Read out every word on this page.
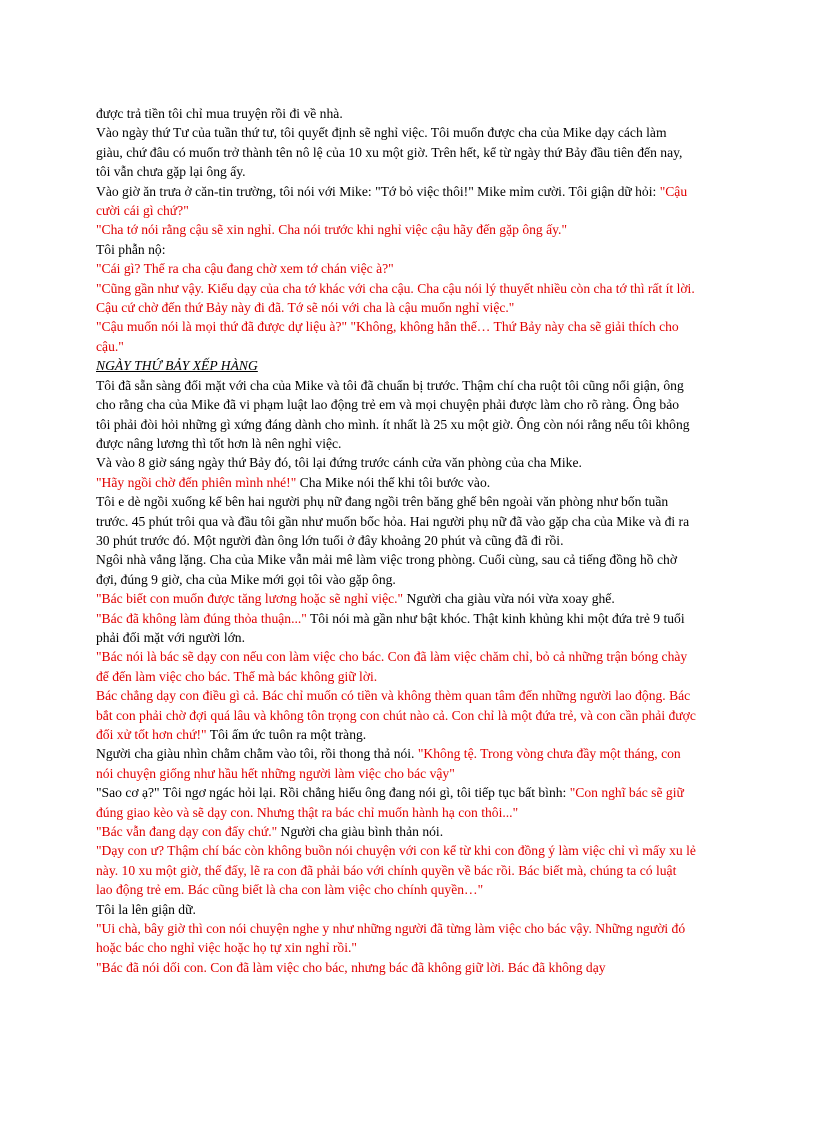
được trả tiền tôi chỉ mua truyện rồi đi về nhà.
Vào ngày thứ Tư của tuần thứ tư, tôi quyết định sẽ nghỉ việc. Tôi muốn được cha của Mike dạy cách làm giàu, chứ đâu có muốn trở thành tên nô lệ của 10 xu một giờ. Trên hết, kể từ ngày thứ Bảy đầu tiên đến nay, tôi vẫn chưa gặp lại ông ấy.
Vào giờ ăn trưa ở căn-tin trường, tôi nói với Mike: "Tớ bỏ việc thôi!" Mike mỉm cười. Tôi giận dữ hỏi: "Cậu cười cái gì chứ?"
"Cha tớ nói rằng cậu sẽ xin nghỉ. Cha nói trước khi nghỉ việc cậu hãy đến gặp ông ấy."
Tôi phẫn nộ:
"Cái gì? Thế ra cha cậu đang chờ xem tớ chán việc à?"
"Cũng gần như vậy. Kiểu dạy của cha tớ khác với cha cậu. Cha cậu nói lý thuyết nhiều còn cha tớ thì rất ít lời. Cậu cứ chờ đến thứ Bảy này đi đã. Tớ sẽ nói với cha là cậu muốn nghỉ việc."
"Cậu muốn nói là mọi thứ đã được dự liệu à?" "Không, không hẳn thế… Thứ Bảy này cha sẽ giải thích cho cậu."
NGÀY THỨ BẢY XẾP HÀNG
Tôi đã sẵn sàng đối mặt với cha của Mike và tôi đã chuẩn bị trước. Thậm chí cha ruột tôi cũng nổi giận, ông cho rằng cha của Mike đã vi phạm luật lao động trẻ em và mọi chuyện phải được làm cho rõ ràng. Ông bảo tôi phải đòi hỏi những gì xứng đáng dành cho mình. ít nhất là 25 xu một giờ. Ông còn nói rằng nếu tôi không được nâng lương thì tốt hơn là nên nghỉ việc.
Và vào 8 giờ sáng ngày thứ Bảy đó, tôi lại đứng trước cánh cửa văn phòng của cha Mike.
"Hãy ngồi chờ đến phiên mình nhé!" Cha Mike nói thế khi tôi bước vào.
Tôi e dè ngồi xuống kế bên hai người phụ nữ đang ngồi trên băng ghế bên ngoài văn phòng như bốn tuần trước. 45 phút trôi qua và đầu tôi gần như muốn bốc hỏa. Hai người phụ nữ đã vào gặp cha của Mike và đi ra 30 phút trước đó. Một người đàn ông lớn tuổi ở đây khoảng 20 phút và cũng đã đi rồi.
Ngôi nhà vắng lặng. Cha của Mike vẫn mải mê làm việc trong phòng. Cuối cùng, sau cả tiếng đồng hồ chờ đợi, đúng 9 giờ, cha của Mike mới gọi tôi vào gặp ông.
"Bác biết con muốn được tăng lương hoặc sẽ nghỉ việc." Người cha giàu vừa nói vừa xoay ghế.
"Bác đã không làm đúng thỏa thuận..." Tôi nói mà gần như bật khóc. Thật kinh khủng khi một đứa trẻ 9 tuổi phải đối mặt với người lớn.
"Bác nói là bác sẽ dạy con nếu con làm việc cho bác. Con đã làm việc chăm chỉ, bỏ cả những trận bóng chày để đến làm việc cho bác. Thế mà bác không giữ lời.
Bác chẳng dạy con điều gì cả. Bác chỉ muốn có tiền và không thèm quan tâm đến những người lao động. Bác bắt con phải chờ đợi quá lâu và không tôn trọng con chút nào cả. Con chỉ là một đứa trẻ, và con cần phải được đối xử tốt hơn chứ!" Tôi ấm ức tuôn ra một tràng.
Người cha giàu nhìn chằm chằm vào tôi, rồi thong thả nói. "Không tệ. Trong vòng chưa đầy một tháng, con nói chuyện giống như hầu hết những người làm việc cho bác vậy"
"Sao cơ ạ?" Tôi ngơ ngác hỏi lại. Rồi chẳng hiểu ông đang nói gì, tôi tiếp tục bất bình: "Con nghĩ bác sẽ giữ đúng giao kèo và sẽ dạy con. Nhưng thật ra bác chỉ muốn hành hạ con thôi..."
"Bác vẫn đang dạy con đấy chứ." Người cha giàu bình thản nói.
"Dạy con ư? Thậm chí bác còn không buồn nói chuyện với con kể từ khi con đồng ý làm việc chỉ vì mấy xu lẻ này. 10 xu một giờ, thế đấy, lẽ ra con đã phải báo với chính quyền về bác rồi. Bác biết mà, chúng ta có luật lao động trẻ em. Bác cũng biết là cha con làm việc cho chính quyền…"
Tôi la lên giận dữ.
"Ui chà, bây giờ thì con nói chuyện nghe y như những người đã từng làm việc cho bác vậy. Những người đó hoặc bác cho nghỉ việc hoặc họ tự xin nghỉ rồi."
"Bác đã nói dối con. Con đã làm việc cho bác, nhưng bác đã không giữ lời. Bác đã không dạy
